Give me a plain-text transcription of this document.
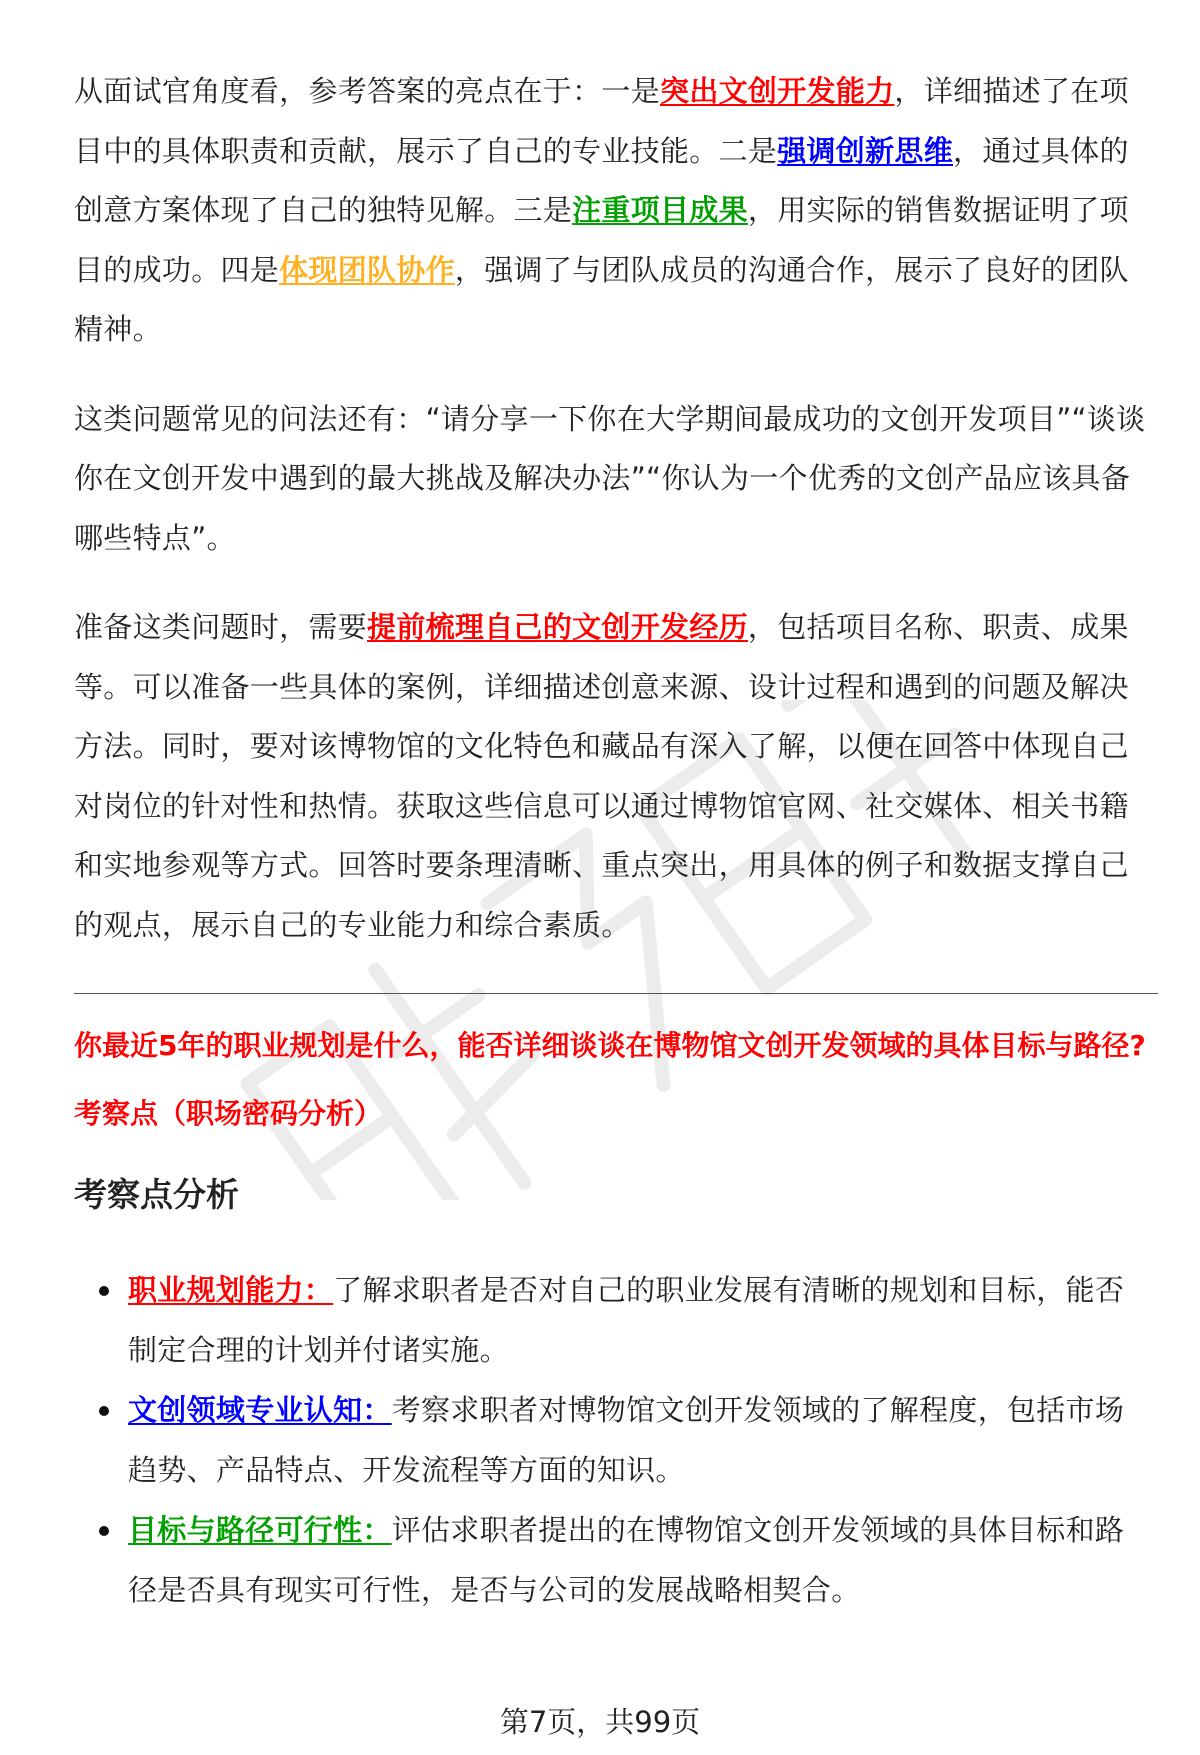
从面试官角度看，参考答案的亮点在于：一是突出文创开发能力，详细描述了在项目中的具体职责和贡献，展示了自己的专业技能。二是强调创新思维，通过具体的创意方案体现了自己的独特见解。三是注重项目成果，用实际的销售数据证明了项目的成功。四是体现团队协作，强调了与团队成员的沟通合作，展示了良好的团队精神。

这类问题常见的问法还有：“请分享一下你在大学期间最成功的文创开发项目”“谈谈你在文创开发中遇到的最大挑战及解决办法”“你认为一个优秀的文创产品应该具备哪些特点”。

准备这类问题时，需要提前梳理自己的文创开发经历，包括项目名称、职责、成果等。可以准备一些具体的案例，详细描述创意来源、设计过程和遇到的问题及解决方法。同时，要对该博物馆的文化特色和藏品有深入了解，以便在回答中体现自己对岗位的针对性和热情。获取这些信息可以通过博物馆官网、社交媒体、相关书籍和实地参观等方式。回答时要条理清晰、重点突出，用具体的例子和数据支撑自己的观点，展示自己的专业能力和综合素质。

你最近5年的职业规划是什么，能否详细谈谈在博物馆文创开发领域的具体目标与路径?
考察点（职场密码分析）
考察点分析
职业规划能力：了解求职者是否对自己的职业发展有清晰的规划和目标，能否制定合理的计划并付诸实施。
文创领域专业认知：考察求职者对博物馆文创开发领域的了解程度，包括市场趋势、产品特点、开发流程等方面的知识。
目标与路径可行性：评估求职者提出的在博物馆文创开发领域的具体目标和路径是否具有现实可行性，是否与公司的发展战略相契合。
第7页，共99页
